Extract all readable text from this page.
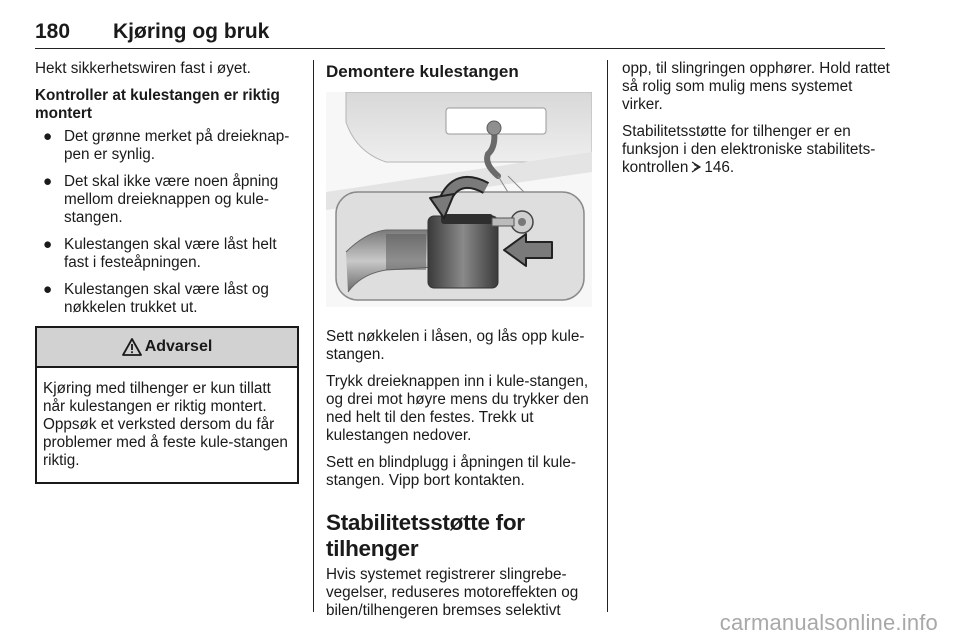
180 Kjøring og bruk

Hekt sikkerhetswiren fast i øyet.

Kontroller at kulestangen er riktig montert
● Det grønne merket på dreieknap-pen er synlig.
● Det skal ikke være noen åpning mellom dreieknappen og kule-stangen.
● Kulestangen skal være låst helt fast i festeåpningen.
● Kulestangen skal være låst og nøkkelen trukket ut.
Advarsel
Kjøring med tilhenger er kun tillatt når kulestangen er riktig montert. Oppsøk et verksted dersom du får problemer med å feste kule-stangen riktig.
Demontere kulestangen

Sett nøkkelen i låsen, og lås opp kule-stangen.

Trykk dreieknappen inn i kule-stangen, og drei mot høyre mens du trykker den ned helt til den festes. Trekk ut kulestangen nedover.

Sett en blindplugg i åpningen til kule-stangen. Vipp bort kontakten.

Stabilitetsstøtte for tilhenger

Hvis systemet registrerer slingrebe-vegelser, reduseres motoreffekten og bilen/tilhengeren bremses selektivt

opp, til slingringen opphører. Hold rattet så rolig som mulig mens systemet virker.

Stabilitetsstøtte for tilhenger er en funksjon i den elektroniske stabilitets-kontrollen 146.

carmanualsonline.info
